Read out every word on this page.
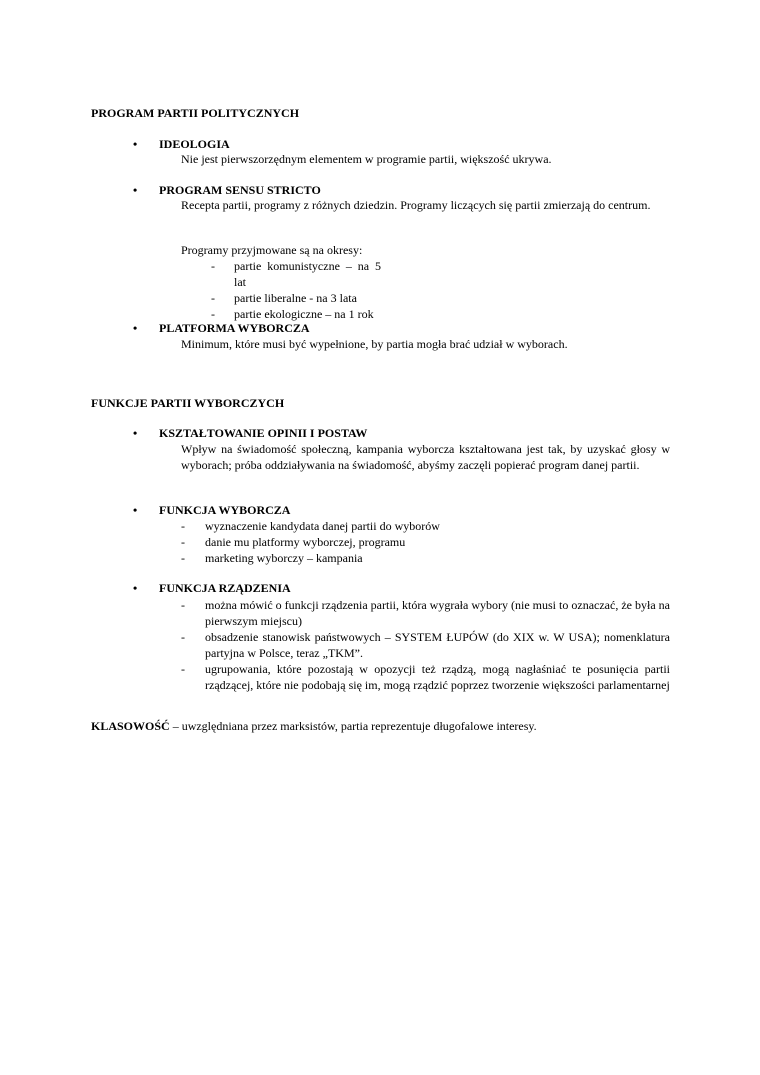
PROGRAM PARTII POLITYCZNYCH
•	IDEOLOGIA
Nie jest pierwszorzędnym elementem w programie partii, większość ukrywa.
•	PROGRAM SENSU STRICTO
Recepta partii, programy z różnych dziedzin. Programy liczących się partii zmierzają do centrum.
Programy przyjmowane są na okresy:
- partie komunistyczne – na 5 lat
- partie liberalne - na 3 lata
- partie ekologiczne – na 1 rok
•	PLATFORMA WYBORCZA
Minimum, które musi być wypełnione, by partia mogła brać udział w wyborach.
FUNKCJE PARTII WYBORCZYCH
•	KSZTAŁTOWANIE OPINII I POSTAW
Wpływ na świadomość społeczną, kampania wyborcza kształtowana jest tak, by uzyskać głosy w wyborach; próba oddziaływania na świadomość, abyśmy zaczęli popierać program danej partii.
•	FUNKCJA WYBORCZA
- wyznaczenie kandydata danej partii do wyborów
- danie mu platformy wyborczej, programu
- marketing wyborczy – kampania
•	FUNKCJA RZĄDZENIA
- można mówić o funkcji rządzenia partii, która wygrała wybory (nie musi to oznaczać, że była na pierwszym miejscu)
- obsadzenie stanowisk państwowych – SYSTEM ŁUPÓW (do XIX w. W USA); nomenklatura partyjna w Polsce, teraz „TKM”.
- ugrupowania, które pozostają w opozycji też rządzą, mogą nagłaśniać te posunięcia partii rządzącej, które nie podobają się im, mogą rządzić poprzez tworzenie większości parlamentarnej
KLASOWOŚĆ – uwzględniana przez marksistów, partia reprezentuje długofalowe interesy.
